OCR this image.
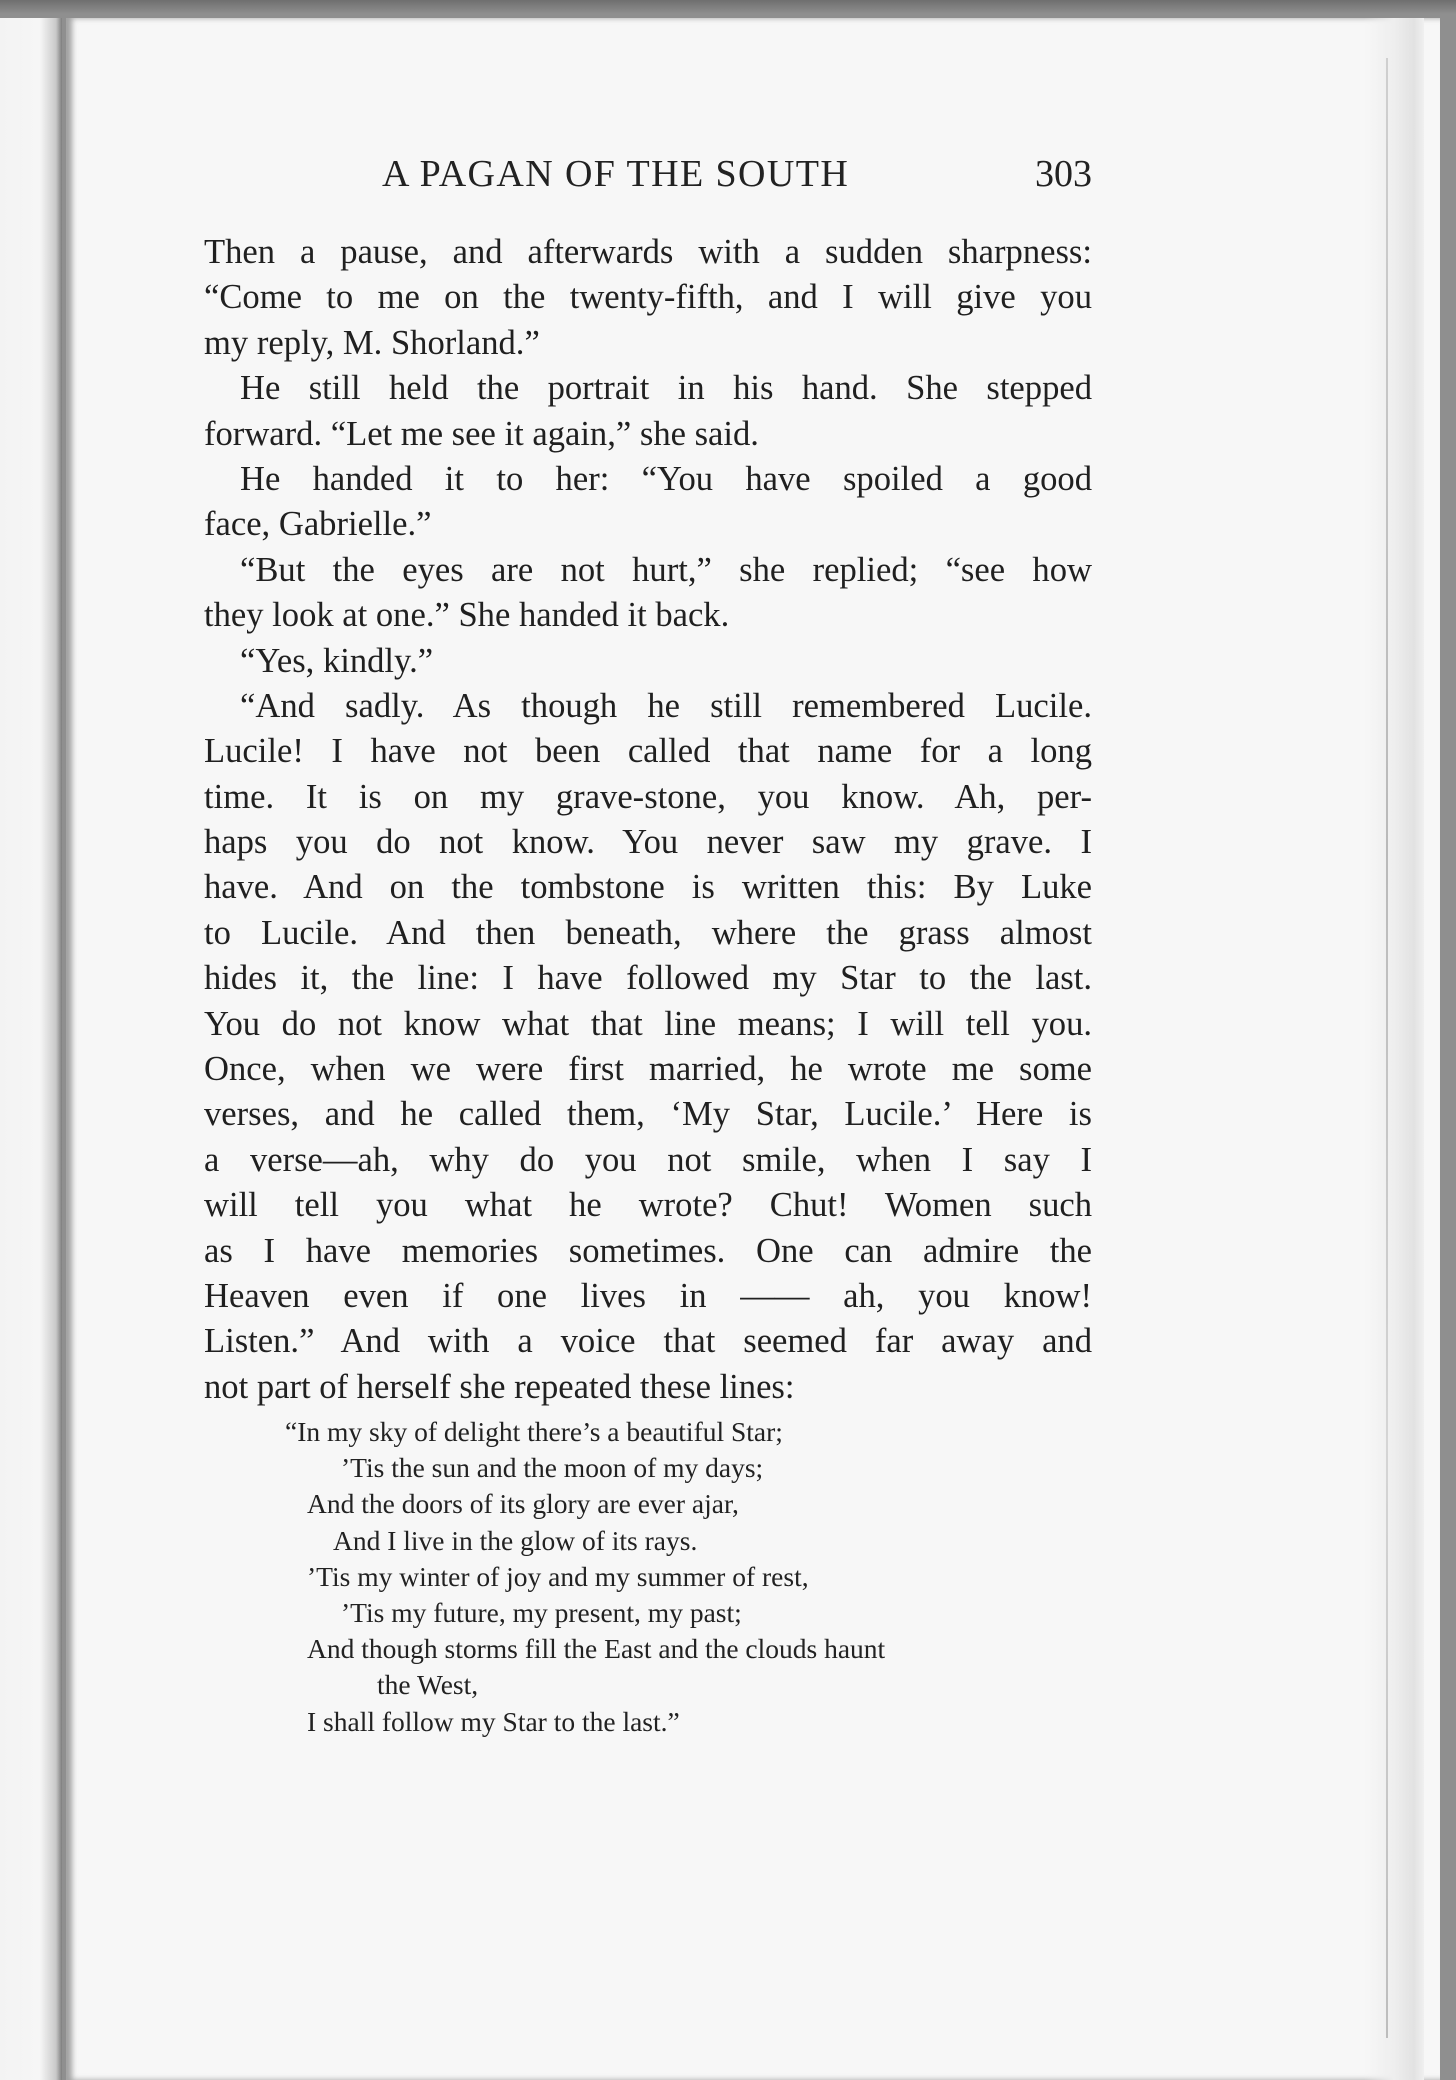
A PAGAN OF THE SOUTH	303
Then a pause, and afterwards with a sudden sharpness:
“Come to me on the twenty-fifth, and I will give you
my reply, M. Shorland.”
He still held the portrait in his hand. She stepped
forward. “Let me see it again,” she said.
He handed it to her: “You have spoiled a good
face, Gabrielle.”
“But the eyes are not hurt,” she replied; “see how
they look at one.” She handed it back.
“Yes, kindly.”
“And sadly. As though he still remembered Lucile.
Lucile! I have not been called that name for a long
time. It is on my grave-stone, you know. Ah, per-
haps you do not know. You never saw my grave. I
have. And on the tombstone is written this: By Luke
to Lucile. And then beneath, where the grass almost
hides it, the line: I have followed my Star to the last.
You do not know what that line means; I will tell you.
Once, when we were first married, he wrote me some
verses, and he called them, ‘My Star, Lucile.’ Here is
a verse—ah, why do you not smile, when I say I
will tell you what he wrote? Chut! Women such
as I have memories sometimes. One can admire the
Heaven even if one lives in —— ah, you know!
Listen.” And with a voice that seemed far away and
not part of herself she repeated these lines:
“In my sky of delight there’s a beautiful Star;
’Tis the sun and the moon of my days;
And the doors of its glory are ever ajar,
And I live in the glow of its rays.
’Tis my winter of joy and my summer of rest,
’Tis my future, my present, my past;
And though storms fill the East and the clouds haunt
the West,
I shall follow my Star to the last.”
